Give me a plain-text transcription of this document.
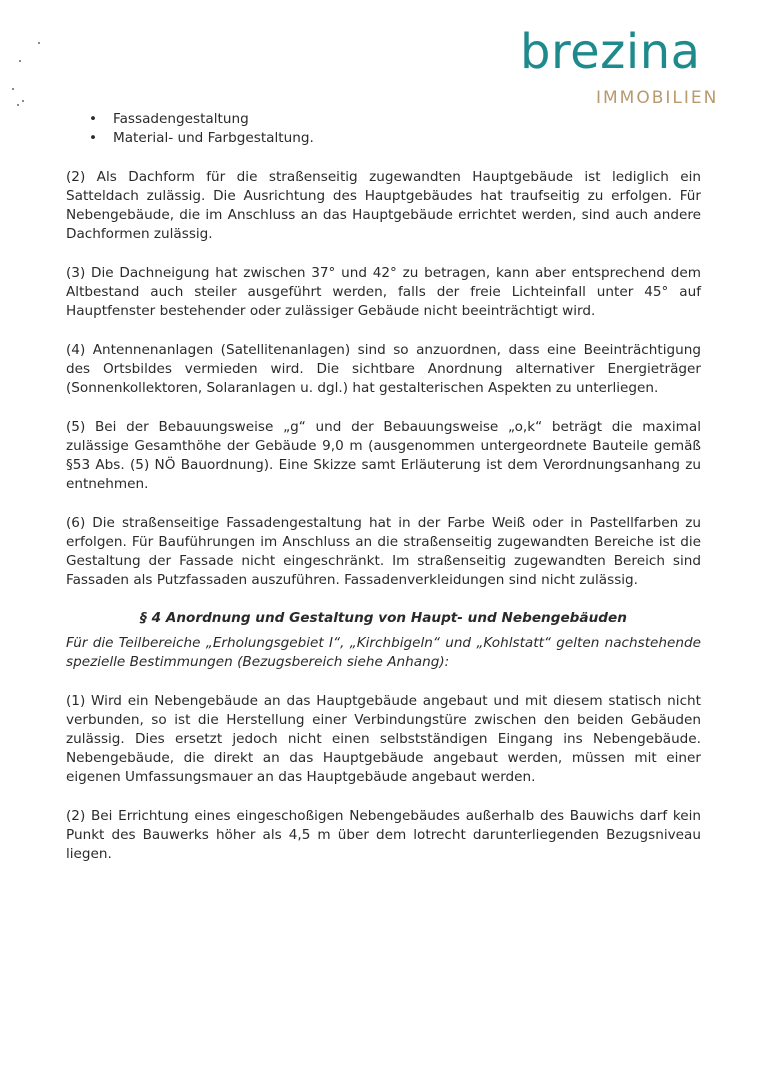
brezina
IMMOBILIEN
• Fassadengestaltung
• Material- und Farbgestaltung.

(2) Als Dachform für die straßenseitig zugewandten Hauptgebäude ist lediglich ein Satteldach zulässig. Die Ausrichtung des Hauptgebäudes hat traufseitig zu erfolgen. Für Nebengebäude, die im Anschluss an das Hauptgebäude errichtet werden, sind auch andere Dachformen zulässig.

(3) Die Dachneigung hat zwischen 37° und 42° zu betragen, kann aber entsprechend dem Altbestand auch steiler ausgeführt werden, falls der freie Lichteinfall unter 45° auf Hauptfenster bestehender oder zulässiger Gebäude nicht beeinträchtigt wird.

(4) Antennenanlagen (Satellitenanlagen) sind so anzuordnen, dass eine Beeinträchtigung des Ortsbildes vermieden wird. Die sichtbare Anordnung alternativer Energieträger (Sonnenkollektoren, Solaranlagen u. dgl.) hat gestalterischen Aspekten zu unterliegen.

(5) Bei der Bebauungsweise „g“ und der Bebauungsweise „o,k“ beträgt die maximal zulässige Gesamthöhe der Gebäude 9,0 m (ausgenommen untergeordnete Bauteile gemäß §53 Abs. (5) NÖ Bauordnung). Eine Skizze samt Erläuterung ist dem Verordnungsanhang zu entnehmen.

(6) Die straßenseitige Fassadengestaltung hat in der Farbe Weiß oder in Pastellfarben zu erfolgen. Für Bauführungen im Anschluss an die straßenseitig zugewandten Bereiche ist die Gestaltung der Fassade nicht eingeschränkt. Im straßenseitig zugewandten Bereich sind Fassaden als Putzfassaden auszuführen. Fassadenverkleidungen sind nicht zulässig.

§ 4 Anordnung und Gestaltung von Haupt- und Nebengebäuden

Für die Teilbereiche „Erholungsgebiet I“, „Kirchbigeln“ und „Kohlstatt“ gelten nachstehende spezielle Bestimmungen (Bezugsbereich siehe Anhang):

(1) Wird ein Nebengebäude an das Hauptgebäude angebaut und mit diesem statisch nicht verbunden, so ist die Herstellung einer Verbindungstüre zwischen den beiden Gebäuden zulässig. Dies ersetzt jedoch nicht einen selbstständigen Eingang ins Nebengebäude. Nebengebäude, die direkt an das Hauptgebäude angebaut werden, müssen mit einer eigenen Umfassungsmauer an das Hauptgebäude angebaut werden.

(2) Bei Errichtung eines eingeschoßigen Nebengebäudes außerhalb des Bauwichs darf kein Punkt des Bauwerks höher als 4,5 m über dem lotrecht darunterliegenden Bezugsniveau liegen.
